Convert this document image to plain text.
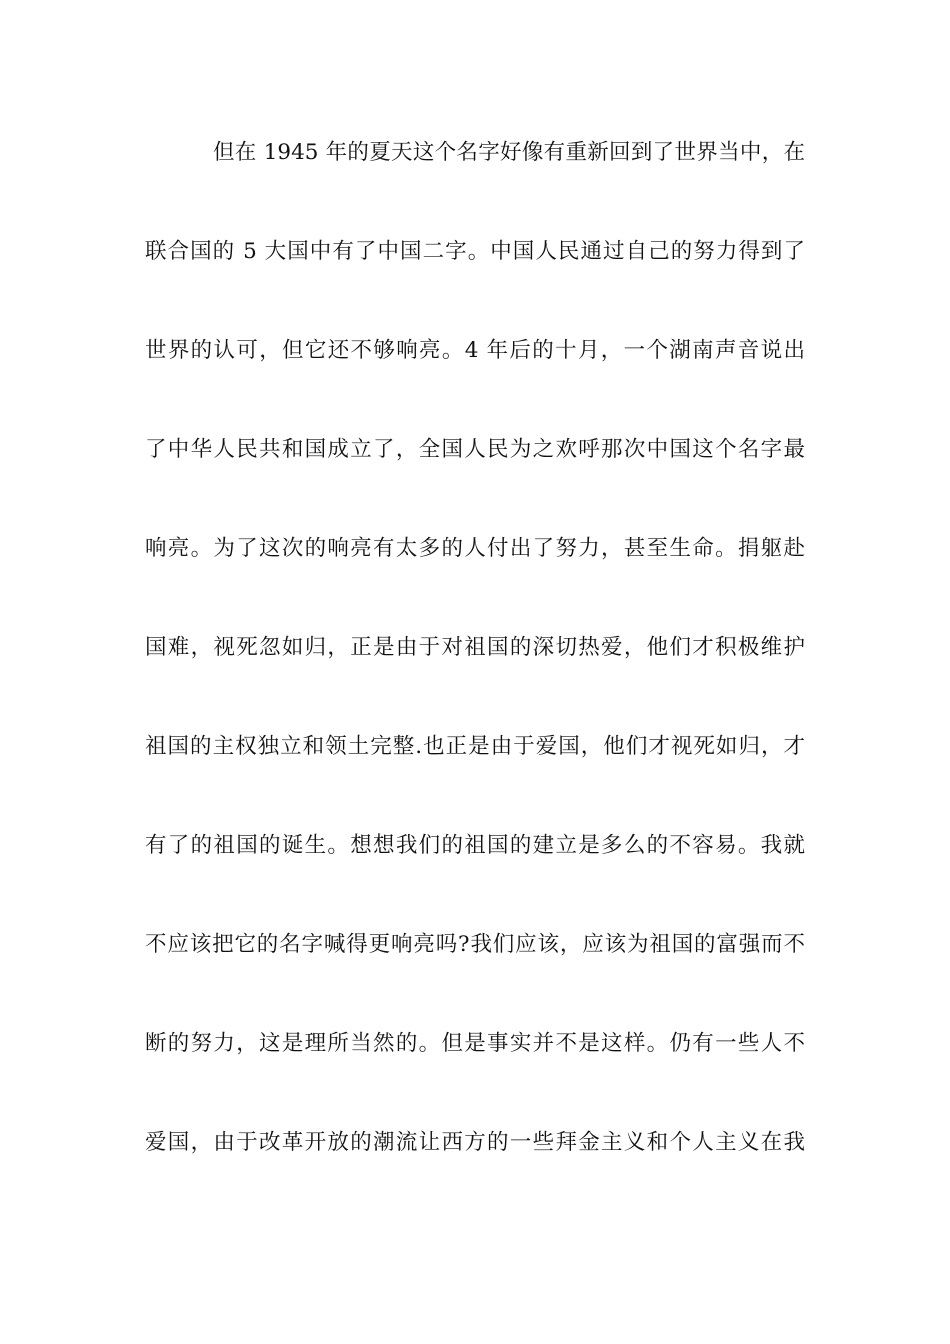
但在 1945 年的夏天这个名字好像有重新回到了世界当中，在
联合国的 5 大国中有了中国二字。中国人民通过自己的努力得到了
世界的认可，但它还不够响亮。4 年后的十月，一个湖南声音说出
了中华人民共和国成立了，全国人民为之欢呼那次中国这个名字最
响亮。为了这次的响亮有太多的人付出了努力，甚至生命。捐躯赴
国难，视死忽如归，正是由于对祖国的深切热爱，他们才积极维护
祖国的主权独立和领土完整.也正是由于爱国，他们才视死如归，才
有了的祖国的诞生。想想我们的祖国的建立是多么的不容易。我就
不应该把它的名字喊得更响亮吗?我们应该，应该为祖国的富强而不
断的努力，这是理所当然的。但是事实并不是这样。仍有一些人不
爱国，由于改革开放的潮流让西方的一些拜金主义和个人主义在我
